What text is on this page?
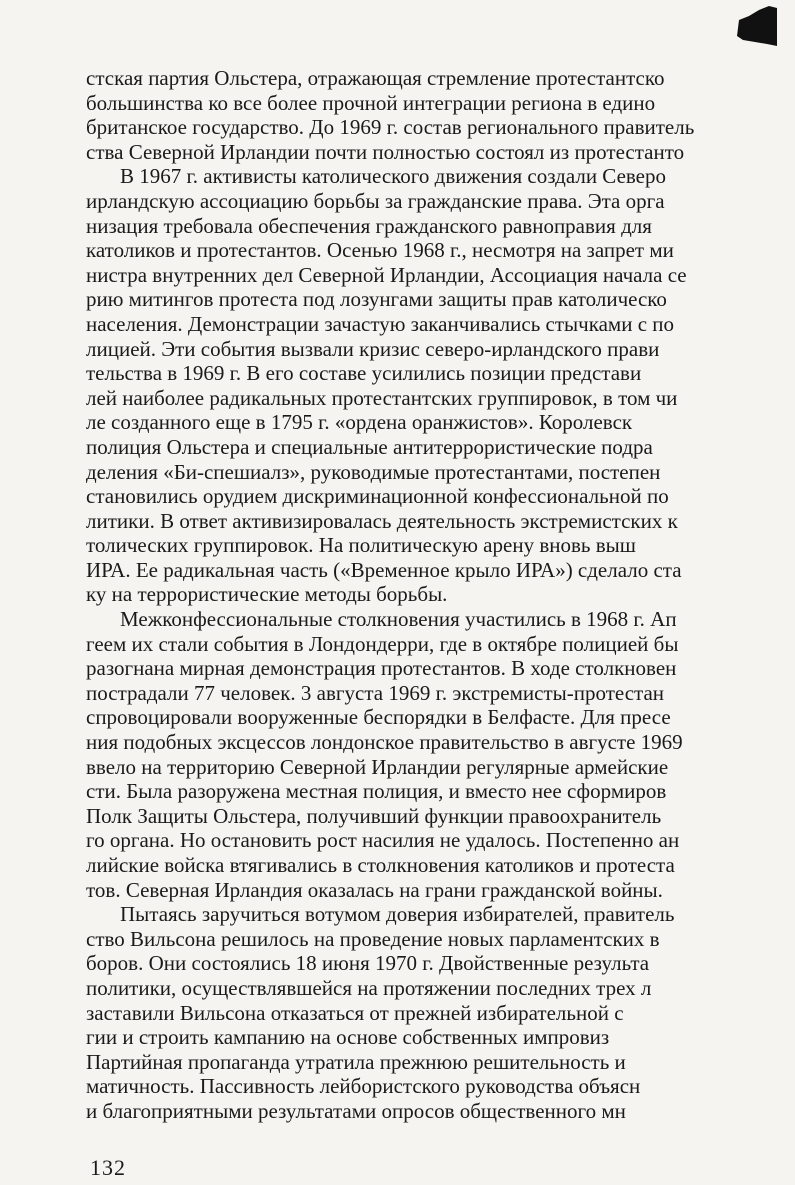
стская партия Ольстера, отражающая стремление протестантско
большинства ко все более прочной интеграции региона в едино
британское государство. До 1969 г. состав регионального правитель
ства Северной Ирландии почти полностью состоял из протестанто
В 1967 г. активисты католического движения создали Северо
ирландскую ассоциацию борьбы за гражданские права. Эта орга
низация требовала обеспечения гражданского равноправия для
католиков и протестантов. Осенью 1968 г., несмотря на запрет ми
нистра внутренних дел Северной Ирландии, Ассоциация начала се
рию митингов протеста под лозунгами защиты прав католическо
населения. Демонстрации зачастую заканчивались стычками с по
лицией. Эти события вызвали кризис северо-ирландского прави
тельства в 1969 г. В его составе усилились позиции представи
лей наиболее радикальных протестантских группировок, в том чи
ле созданного еще в 1795 г. «ордена оранжистов». Королевск
полиция Ольстера и специальные антитеррористические подра
деления «Би-спешиалз», руководимые протестантами, постепен
становились орудием дискриминационной конфессиональной по
литики. В ответ активизировалась деятельность экстремистских к
толических группировок. На политическую арену вновь выш
ИРА. Ее радикальная часть («Временное крыло ИРА») сделало ста
ку на террористические методы борьбы.
Межконфессиональные столкновения участились в 1968 г. Ап
геем их стали события в Лондондерри, где в октябре полицией бы
разогнана мирная демонстрация протестантов. В ходе столкновен
пострадали 77 человек. 3 августа 1969 г. экстремисты-протестан
спровоцировали вооруженные беспорядки в Белфасте. Для пресе
ния подобных эксцессов лондонское правительство в августе 1969
ввело на территорию Северной Ирландии регулярные армейские
сти. Была разоружена местная полиция, и вместо нее сформиров
Полк Защиты Ольстера, получивший функции правоохранитель
го органа. Но остановить рост насилия не удалось. Постепенно ан
лийские войска втягивались в столкновения католиков и протеста
тов. Северная Ирландия оказалась на грани гражданской войны.
Пытаясь заручиться вотумом доверия избирателей, правитель
ство Вильсона решилось на проведение новых парламентских в
боров. Они состоялись 18 июня 1970 г. Двойственные результа
политики, осуществлявшейся на протяжении последних трех л
заставили Вильсона отказаться от прежней избирательной с
гии и строить кампанию на основе собственных импровиз
Партийная пропаганда утратила прежнюю решительность и
матичность. Пассивность лейбористского руководства объясн
и благоприятными результатами опросов общественного мн
132
